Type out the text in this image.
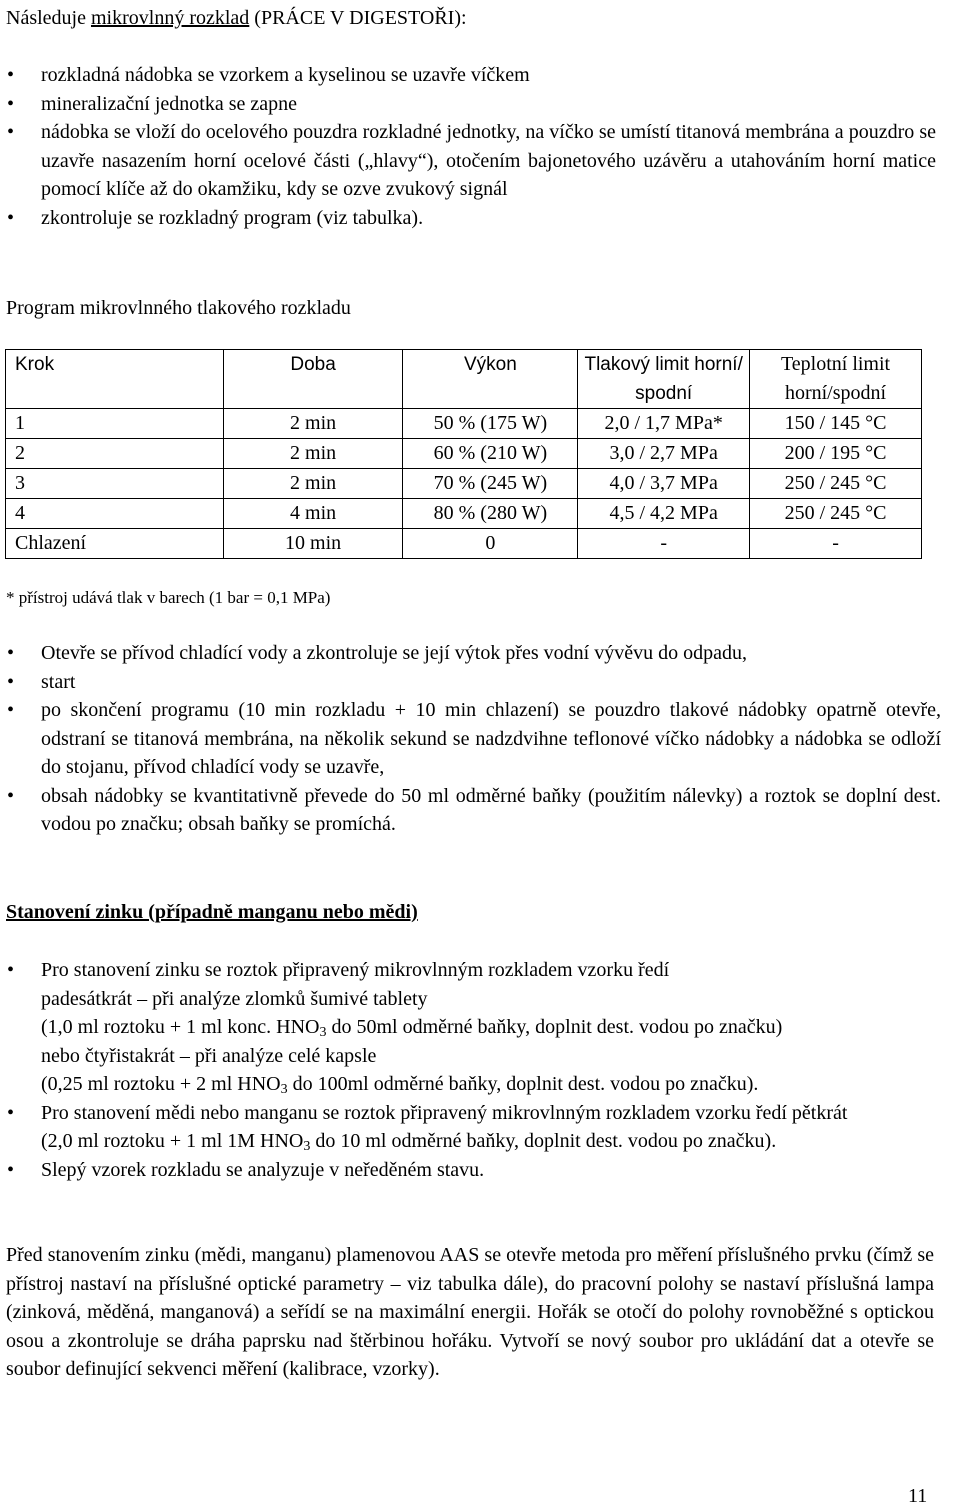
Následuje mikrovlnný rozklad (PRÁCE V DIGESTOŘI):
• rozkladná nádobka se vzorkem a kyselinou se uzavře víčkem
• mineralizační jednotka se zapne
• nádobka se vloží do ocelového pouzdra rozkladné jednotky, na víčko se umístí titanová membrána a pouzdro se uzavře nasazením horní ocelové části („hlavy“), otočením bajonetového uzávěru a utahováním horní matice pomocí klíče až do okamžiku, kdy se ozve zvukový signál
• zkontroluje se rozkladný program (viz tabulka).
Program mikrovlnného tlakového rozkladu
Krok	Doba	Výkon	Tlakový limit horní/ spodní	Teplotní limit horní/spodní
1	2 min	50 % (175 W)	2,0 / 1,7 MPa*	150 / 145 °C
2	2 min	60 % (210 W)	3,0 / 2,7 MPa	200 / 195 °C
3	2 min	70 % (245 W)	4,0 / 3,7 MPa	250 / 245 °C
4	4 min	80 % (280 W)	4,5 / 4,2 MPa	250 / 245 °C
Chlazení	10 min	0	-	-
* přístroj udává tlak v barech (1 bar = 0,1 MPa)
• Otevře se přívod chladící vody a zkontroluje se její výtok přes vodní vývěvu do odpadu,
• start
• po skončení programu (10 min rozkladu + 10 min chlazení) se pouzdro tlakové nádobky opatrně otevře, odstraní se titanová membrána, na několik sekund se nadzdvihne teflonové víčko nádobky a nádobka se odloží do stojanu, přívod chladící vody se uzavře,
• obsah nádobky se kvantitativně převede do 50 ml odměrné baňky (použitím nálevky) a roztok se doplní dest. vodou po značku; obsah baňky se promíchá.
Stanovení zinku (případně manganu nebo mědi)
• Pro stanovení zinku se roztok připravený mikrovlnným rozkladem vzorku ředí
padesátkrát – při analýze zlomků šumivé tablety
(1,0 ml roztoku + 1 ml konc. $HNO_3$ do 50ml odměrné baňky, doplnit dest. vodou po značku)
nebo čtyřistakrát – při analýze celé kapsle
(0,25 ml roztoku + 2 ml $HNO_3$ do 100ml odměrné baňky, doplnit dest. vodou po značku).
• Pro stanovení mědi nebo manganu se roztok připravený mikrovlnným rozkladem vzorku ředí pětkrát
(2,0 ml roztoku + 1 ml 1M $HNO_3$ do 10 ml odměrné baňky, doplnit dest. vodou po značku).
• Slepý vzorek rozkladu se analyzuje v neředěném stavu.
Před stanovením zinku (mědi, manganu) plamenovou AAS se otevře metoda pro měření příslušného prvku (čímž se přístroj nastaví na příslušné optické parametry – viz tabulka dále), do pracovní polohy se nastaví příslušná lampa (zinková, měděná, manganová) a seřídí se na maximální energii. Hořák se otočí do polohy rovnoběžné s optickou osou a zkontroluje se dráha paprsku nad štěrbinou hořáku. Vytvoří se nový soubor pro ukládání dat a otevře se soubor definující sekvenci měření (kalibrace, vzorky).
11
